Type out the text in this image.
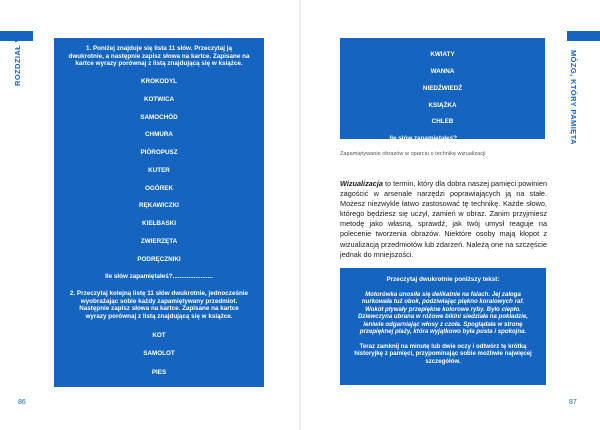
ROZDZIAŁ V	1. Poniżej znajduje się lista 11 słów. Przeczytaj ją dwukrotnie, a następnie zapisz słowa na kartce. Zapisane na kartce wyrazy porównaj z listą znajdującą się w książce.
KROKODYL
KOTWICA
SAMOCHÓD
CHMURA
PIÓROPUSZ
KUTER
OGÓREK
RĘKAWICZKI
KIEŁBASKI
ZWIERZĘTA
PODRĘCZNIKI
Ile słów zapamiętałeś?.......................
2. Przeczytaj kolejną listę 11 słów dwukrotnie, jednocześnie wyobrażając sobie każdy zapamiętywany przedmiot. Następnie zapisz słowa na kartce. Zapisane na kartce wyrazy porównaj z listą znajdującą się w książce.
KOT
SAMOLOT
PIES
SŁOŃCE
PLECAK
TRAWNIK
86
MÓZG, KTÓRY PAMIĘTA
KWIATY
WANNA
NIEDŹWIEDŹ
KSIĄŻKA
CHLEB
Ile słów zapamiętałeś?......................
Zapamiętywanie obrazów w oparciu o technikę wizualizacji

Wizualizacja to termin, który dla dobra naszej pamięci powinien zagościć w arsenale narzędzi poprawiających ją na stałe. Możesz niezwykle łatwo zastosować tę technikę. Każde słowo, którego będziesz się uczył, zamień w obraz. Zanim przyjmiesz metodę jako własną, sprawdź, jak twój umysł reaguje na polecenie tworzenia obrazów. Niektóre osoby mają kłopot z wizualizacją przedmiotów lub zdarzeń. Należą one na szczęście jednak do mniejszości.

Przeczytaj dwukrotnie poniższy tekst:
Motorówka unosiła się delikatnie na falach. Jej załoga nurkowała tuż obok, podziwiając piękno koralowych raf. Wokół pływały przepiękne kolorowe ryby. Było ciepło. Dziewczyna ubrana w różowe bikini siedziała na pokładzie, leniwie odgarniając włosy z czoła. Spoglądała w stronę przepięknej plaży, która wyjątkowo była pusta i spokojna.
Teraz zamknij na minutę lub dwie oczy i odtwórz tę krótką historyjkę z pamięci, przypominając sobie możliwie najwięcej szczegółów.
87
